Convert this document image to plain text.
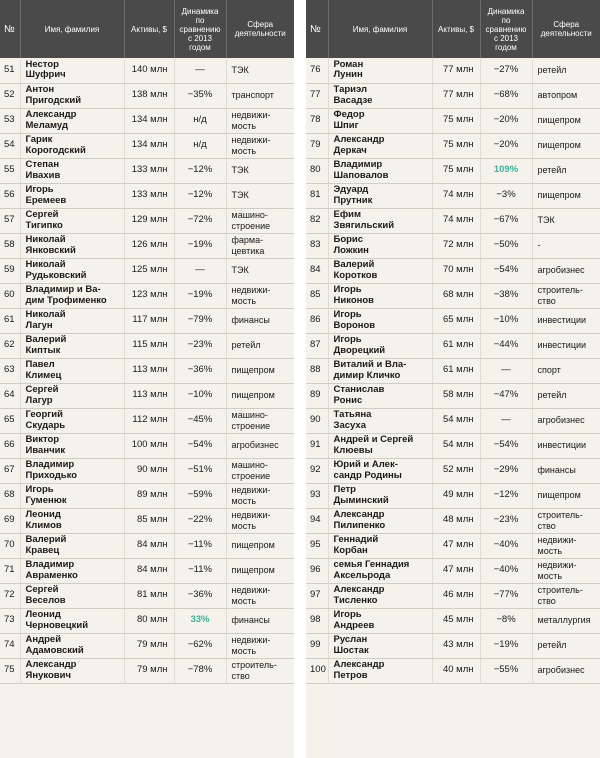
№	Имя, фамилия	Активы, $	Динамика по сравнению с 2013 годом	Сфера деятельности
51	Нестор
Шуфрич	140 млн	—	ТЭК

52	Антон
Пригодский	138 млн	−35%	транспорт

53	Александр
Меламуд	134 млн	н/д	недвижи-
мость

54	Гарик
Корогодский	134 млн	н/д	недвижи-
мость

55	Степан
Ивахив	133 млн	−12%	ТЭК

56	Игорь
Еремеев	133 млн	−12%	ТЭК

57	Сергей
Тигипко	129 млн	−72%	машино-
строение

58	Николай
Янковский	126 млн	−19%	фарма-
цевтика

59	Николай
Рудьковский	125 млн	—	ТЭК

60	Владимир и Ва-
дим Трофименко	123 млн	−19%	недвижи-
мость

61	Николай
Лагун	117 млн	−79%	финансы

62	Валерий
Киптык	115 млн	−23%	ретейл

63	Павел
Климец	113 млн	−36%	пищепром

64	Сергей
Лагур	113 млн	−10%	пищепром

65	Георгий
Скударь	112 млн	−45%	машино-
строение

66	Виктор
Иванчик	100 млн	−54%	агробизнес

67	Владимир
Приходько	90 млн	−51%	машино-
строение

68	Игорь
Гуменюк	89 млн	−59%	недвижи-
мость

69	Леонид
Климов	85 млн	−22%	недвижи-
мость

70	Валерий
Кравец	84 млн	−11%	пищепром

71	Владимир
Авраменко	84 млн	−11%	пищепром

72	Сергей
Веселов	81 млн	−36%	недвижи-
мость

73	Леонид
Черновецкий	80 млн	33%	финансы

74	Андрей
Адамовский	79 млн	−62%	недвижи-
мость

75	Александр
Янукович	79 млн	−78%	строитель-
ство
№	Имя, фамилия	Активы, $	Динамика по сравнению с 2013 годом	Сфера деятельности
76	Роман
Лунин	77 млн	−27%	ретейл

77	Тариэл
Васадзе	77 млн	−68%	автопром

78	Федор
Шпиг	75 млн	−20%	пищепром

79	Александр
Деркач	75 млн	−20%	пищепром

80	Владимир
Шаповалов	75 млн	109%	ретейл

81	Эдуард
Прутник	74 млн	−3%	пищепром

82	Ефим
Звягильский	74 млн	−67%	ТЭК

83	Борис
Ложкин	72 млн	−50%	-

84	Валерий
Коротков	70 млн	−54%	агробизнес

85	Игорь
Никонов	68 млн	−38%	строитель-
ство

86	Игорь
Воронов	65 млн	−10%	инвестиции

87	Игорь
Дворецкий	61 млн	−44%	инвестиции

88	Виталий и Вла-
димир Кличко	61 млн	—	спорт

89	Станислав
Ронис	58 млн	−47%	ретейл

90	Татьяна
Засуха	54 млн	—	агробизнес

91	Андрей и Сергей
Клюевы	54 млн	−54%	инвестиции

92	Юрий и Алек-
сандр Родины	52 млн	−29%	финансы

93	Петр
Дыминский	49 млн	−12%	пищепром

94	Александр
Пилипенко	48 млн	−23%	строитель-
ство

95	Геннадий
Корбан	47 млн	−40%	недвижи-
мость

96	семья Геннадия
Аксельрода	47 млн	−40%	недвижи-
мость

97	Александр
Тисленко	46 млн	−77%	строитель-
ство

98	Игорь
Андреев	45 млн	−8%	металлургия

99	Руслан
Шостак	43 млн	−19%	ретейл

100	Александр
Петров	40 млн	−55%	агробизнес
